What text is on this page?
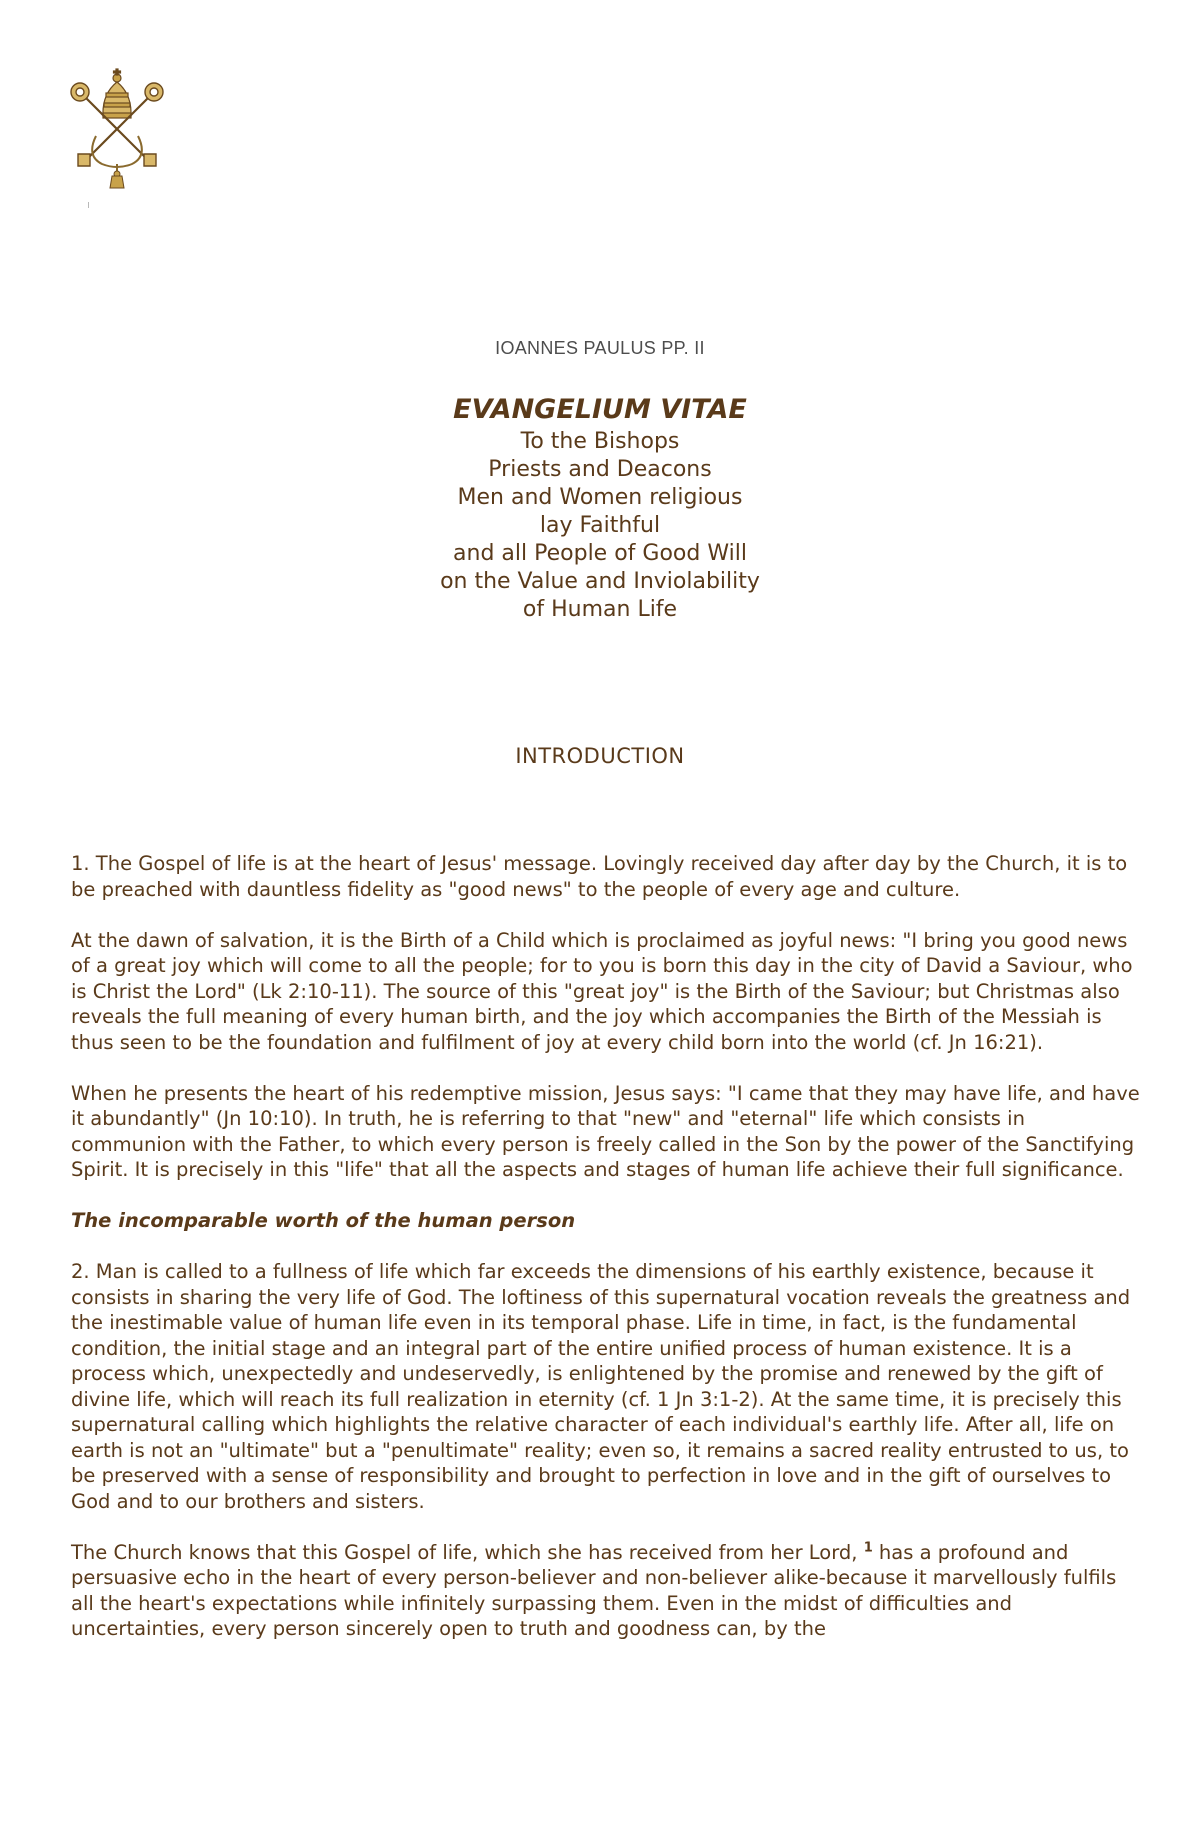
IOANNES PAULUS PP. II
EVANGELIUM VITAE
To the Bishops
Priests and Deacons
Men and Women religious
lay Faithful
and all People of Good Will
on the Value and Inviolability
of Human Life
INTRODUCTION

1. The Gospel of life is at the heart of Jesus' message. Lovingly received day after day by the Church, it is to be preached with dauntless fidelity as "good news" to the people of every age and culture.

At the dawn of salvation, it is the Birth of a Child which is proclaimed as joyful news: "I bring you good news of a great joy which will come to all the people; for to you is born this day in the city of David a Saviour, who is Christ the Lord" (Lk 2:10-11). The source of this "great joy" is the Birth of the Saviour; but Christmas also reveals the full meaning of every human birth, and the joy which accompanies the Birth of the Messiah is thus seen to be the foundation and fulfilment of joy at every child born into the world (cf. Jn 16:21).

When he presents the heart of his redemptive mission, Jesus says: "I came that they may have life, and have it abundantly" (Jn 10:10). In truth, he is referring to that "new" and "eternal" life which consists in communion with the Father, to which every person is freely called in the Son by the power of the Sanctifying Spirit. It is precisely in this "life" that all the aspects and stages of human life achieve their full significance.

The incomparable worth of the human person

2. Man is called to a fullness of life which far exceeds the dimensions of his earthly existence, because it consists in sharing the very life of God. The loftiness of this supernatural vocation reveals the greatness and the inestimable value of human life even in its temporal phase. Life in time, in fact, is the fundamental condition, the initial stage and an integral part of the entire unified process of human existence. It is a process which, unexpectedly and undeservedly, is enlightened by the promise and renewed by the gift of divine life, which will reach its full realization in eternity (cf. 1 Jn 3:1-2). At the same time, it is precisely this supernatural calling which highlights the relative character of each individual's earthly life. After all, life on earth is not an "ultimate" but a "penultimate" reality; even so, it remains a sacred reality entrusted to us, to be preserved with a sense of responsibility and brought to perfection in love and in the gift of ourselves to God and to our brothers and sisters.

The Church knows that this Gospel of life, which she has received from her Lord, $^1$ has a profound and persuasive echo in the heart of every person-believer and non-believer alike-because it marvellously fulfils all the heart's expectations while infinitely surpassing them. Even in the midst of difficulties and uncertainties, every person sincerely open to truth and goodness can, by the
